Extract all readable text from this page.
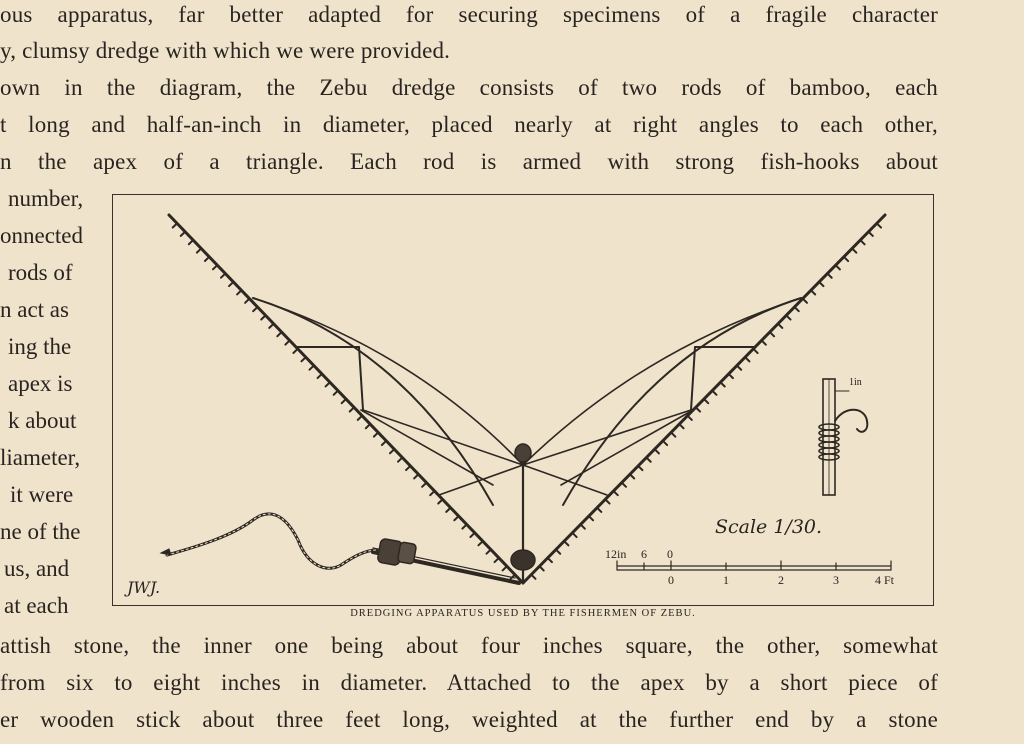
ous apparatus, far better adapted for securing specimens of a fragile character
y, clumsy dredge with which we were provided.
own in the diagram, the Zebu dredge consists of two rods of bamboo, each
t long and half-an-inch in diameter, placed nearly at right angles to each other,
n the apex of a triangle. Each rod is armed with strong fish-hooks about
number,
onnected
rods of
n act as
ing the
apex is
k about
liameter,
it were
ne of the
us, and
at each
12in 6 0
0	1	2	3	4 Ft
Scale 1/30.
1in
JWJ.
DREDGING APPARATUS USED BY THE FISHERMEN OF ZEBU.
attish stone, the inner one being about four inches square, the other, somewhat
from six to eight inches in diameter. Attached to the apex by a short piece of
er wooden stick about three feet long, weighted at the further end by a stone
